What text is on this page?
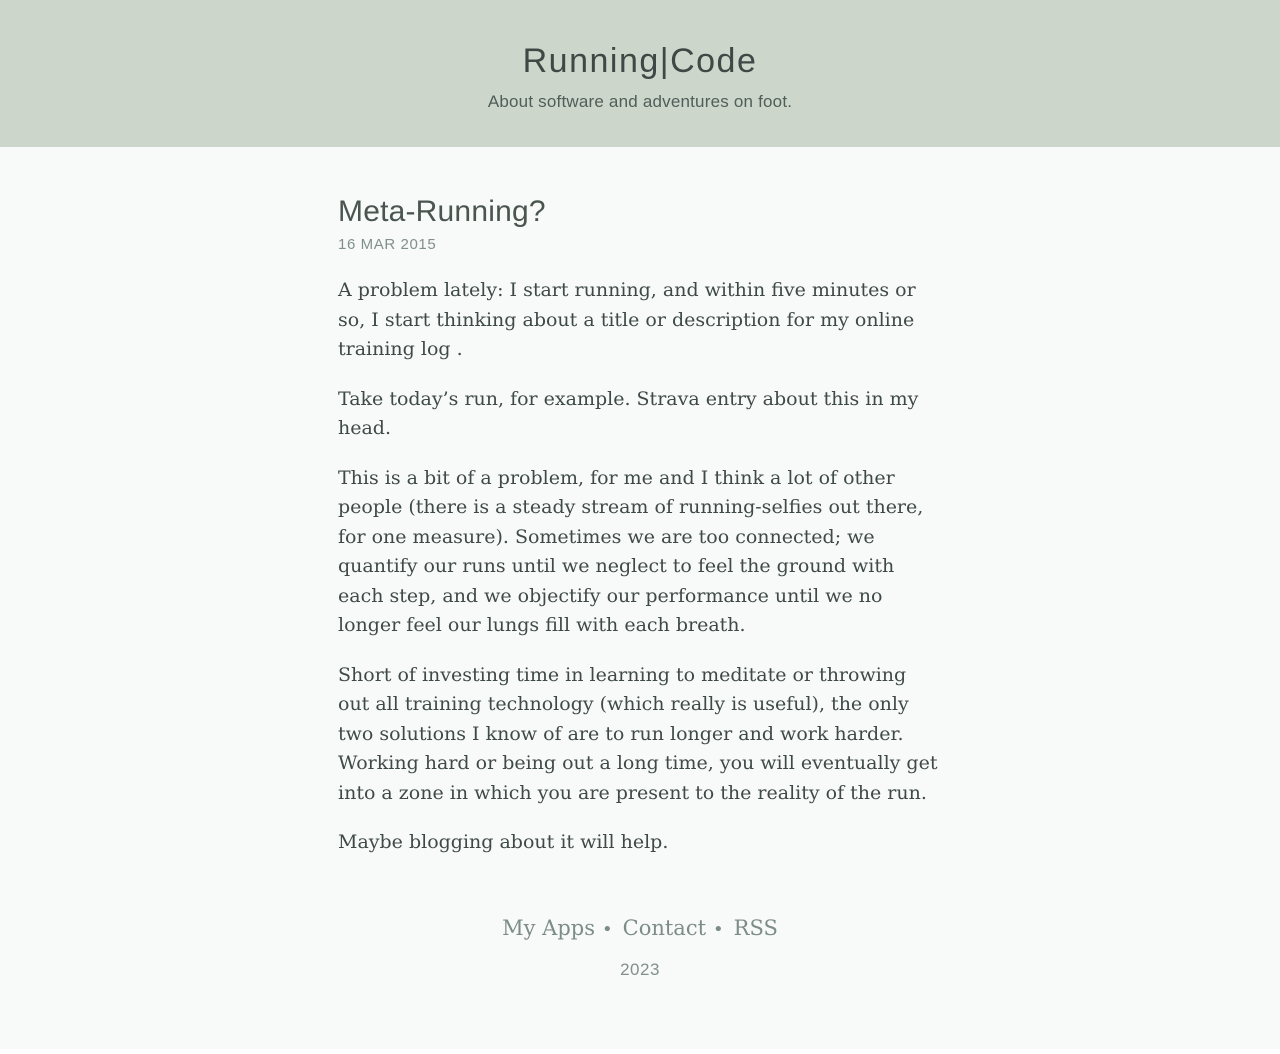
Running|Code

About software and adventures on foot.

Meta-Running?
16 MAR 2015

A problem lately: I start running, and within five minutes or so, I start thinking about a title or description for my online training log .

Take today’s run, for example. Strava entry about this in my head.

This is a bit of a problem, for me and I think a lot of other people (there is a steady stream of running-selfies out there, for one measure). Sometimes we are too connected; we quantify our runs until we neglect to feel the ground with each step, and we objectify our performance until we no longer feel our lungs fill with each breath.

Short of investing time in learning to meditate or throwing out all training technology (which really is useful), the only two solutions I know of are to run longer and work harder. Working hard or being out a long time, you will eventually get into a zone in which you are present to the reality of the run.

Maybe blogging about it will help.

My Apps • Contact • RSS
2023
